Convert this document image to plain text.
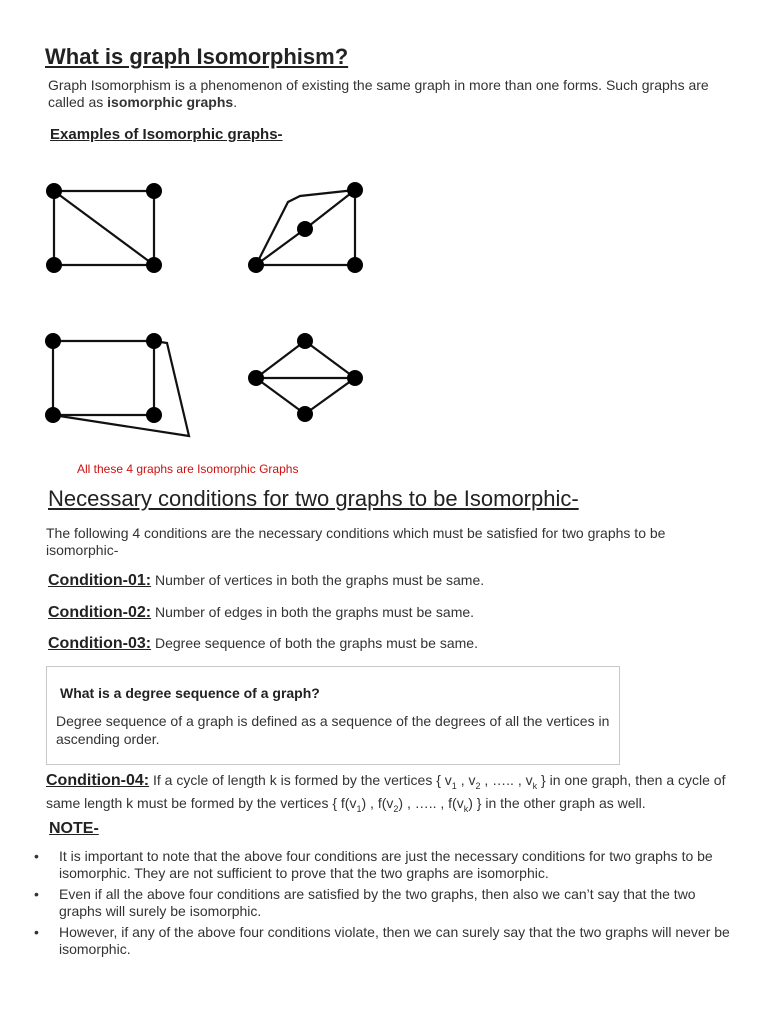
What is graph Isomorphism?
Graph Isomorphism is a phenomenon of existing the same graph in more than one forms. Such graphs are called as isomorphic graphs.
Examples of Isomorphic graphs-
All these 4 graphs are Isomorphic Graphs
Necessary conditions for two graphs to be Isomorphic-
The following 4 conditions are the necessary conditions which must be satisfied for two graphs to be isomorphic-
Condition-01: Number of vertices in both the graphs must be same.
Condition-02: Number of edges in both the graphs must be same.
Condition-03: Degree sequence of both the graphs must be same.
What is a degree sequence of a graph?
Degree sequence of a graph is defined as a sequence of the degrees of all the vertices in ascending order.
Condition-04: If a cycle of length k is formed by the vertices { $v_1$ , $v_2$ , ….. , $v_k$ } in one graph, then a cycle of same length k must be formed by the vertices { $f(v_1)$ , $f(v_2)$ , ….. , $f(v_k)$ } in the other graph as well.
NOTE-
• It is important to note that the above four conditions are just the necessary conditions for two graphs to be isomorphic. They are not sufficient to prove that the two graphs are isomorphic.
• Even if all the above four conditions are satisfied by the two graphs, then also we can’t say that the two graphs will surely be isomorphic.
• However, if any of the above four conditions violate, then we can surely say that the two graphs will never be isomorphic.
